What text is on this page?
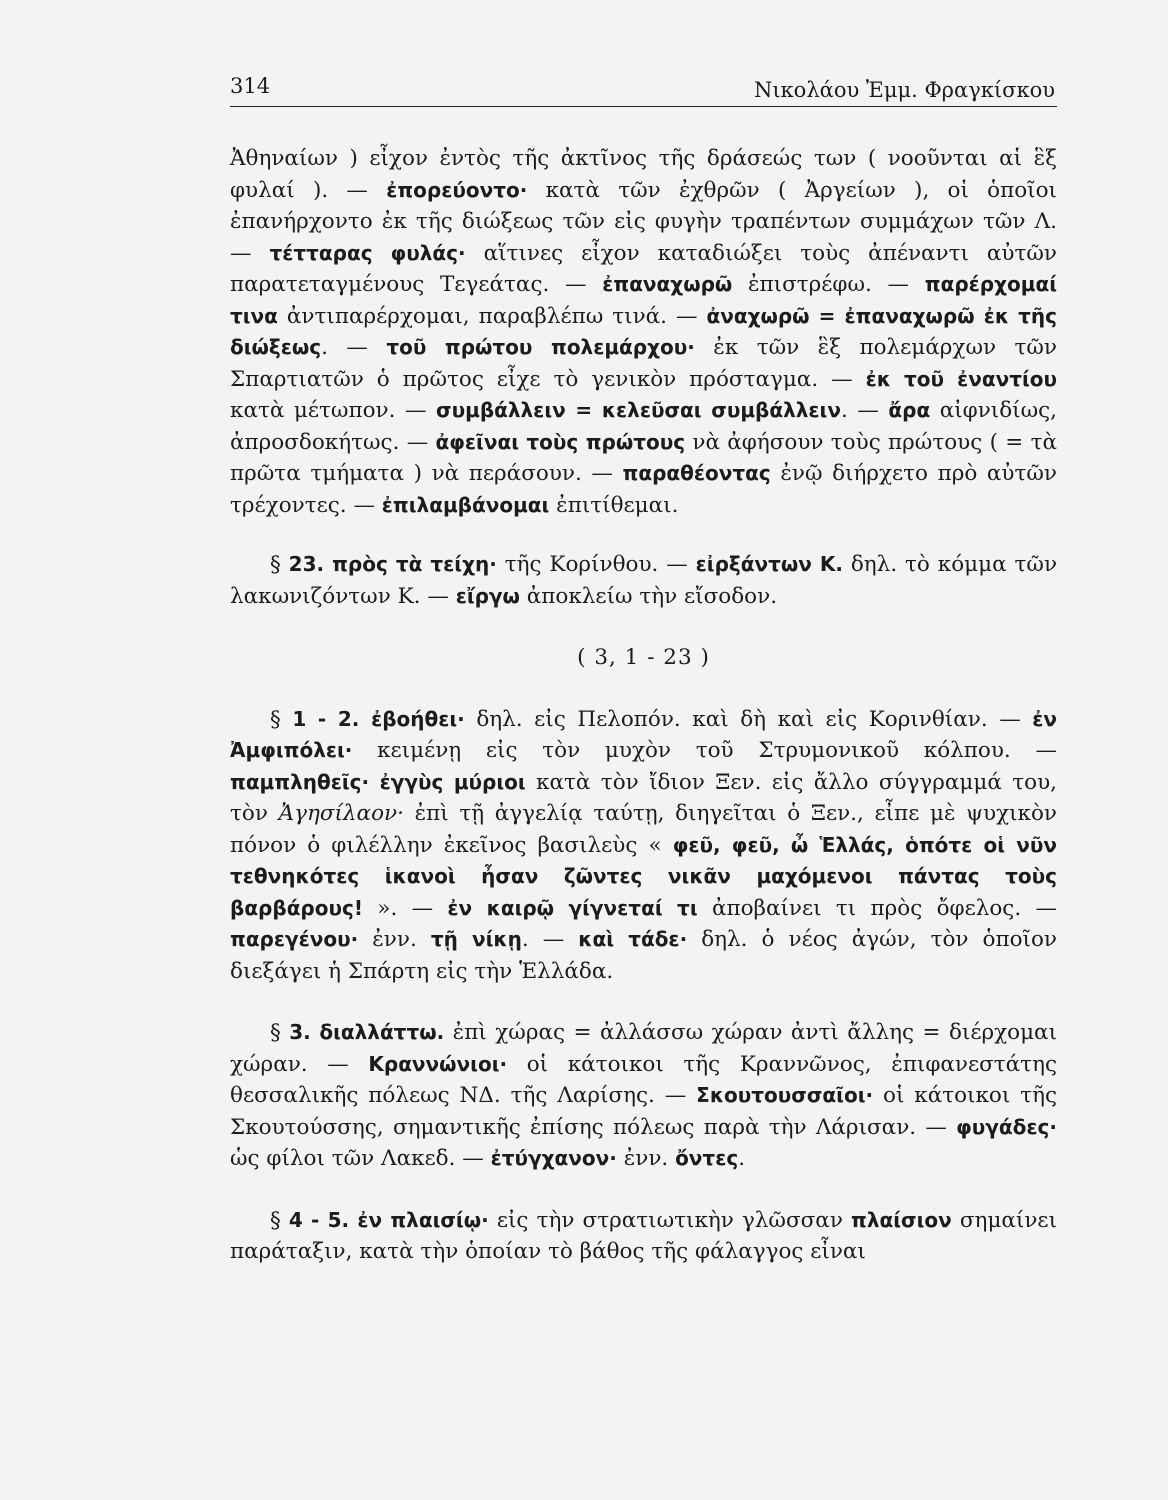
314	Νικολάου Ἐμμ. Φραγκίσκου

Ἀθηναίων ) εἶχον ἐντὸς τῆς ἀκτῖνος τῆς δράσεώς των ( νοοῦνται αἱ ἓξ φυλαί ). — ἐπορεύοντο· κατὰ τῶν ἐχθρῶν ( Ἀργείων ), οἱ ὁποῖοι ἐπανήρχοντο ἐκ τῆς διώξεως τῶν εἰς φυγὴν τραπέντων συμμάχων τῶν Λ. — τέτταρας φυλάς· αἵτινες εἶχον καταδιώξει τοὺς ἀπέναντι αὐτῶν παρατεταγμένους Τεγεάτας. — ἐπαναχωρῶ ἐπιστρέφω. — παρέρχομαί τινα ἀντιπαρέρχομαι, παραβλέπω τινά. — ἀναχωρῶ = ἐπαναχωρῶ ἐκ τῆς διώξεως. — τοῦ πρώτου πολεμάρχου· ἐκ τῶν ἓξ πολεμάρχων τῶν Σπαρτιατῶν ὁ πρῶτος εἶχε τὸ γενικὸν πρόσταγμα. — ἐκ τοῦ ἐναντίου κατὰ μέτωπον. — συμβάλλειν = κελεῦσαι συμβάλλειν. — ἄρα αἰφνιδίως, ἀπροσδοκήτως. — ἀφεῖναι τοὺς πρώτους νὰ ἀφήσουν τοὺς πρώτους ( = τὰ πρῶτα τμήματα ) νὰ περάσουν. — παραθέοντας ἐνῷ διήρχετο πρὸ αὐτῶν τρέχοντες. — ἐπιλαμβάνομαι ἐπιτίθεμαι.

§ 23. πρὸς τὰ τείχη· τῆς Κορίνθου. — εἰρξάντων Κ. δηλ. τὸ κόμμα τῶν λακωνιζόντων Κ. — εἴργω ἀποκλείω τὴν εἴσοδον.

( 3, 1 - 23 )

§ 1 - 2. ἐβοήθει· δηλ. εἰς Πελοπόν. καὶ δὴ καὶ εἰς Κορινθίαν. — ἐν Ἀμφιπόλει· κειμένῃ εἰς τὸν μυχὸν τοῦ Στρυμονικοῦ κόλπου. — παμπληθεῖς· ἐγγὺς μύριοι κατὰ τὸν ἴδιον Ξεν. εἰς ἄλλο σύγγραμμά του, τὸν Ἀγησίλαον· ἐπὶ τῇ ἀγγελίᾳ ταύτῃ, διηγεῖται ὁ Ξεν., εἶπε μὲ ψυχικὸν πόνον ὁ φιλέλλην ἐκεῖνος βασιλεὺς « φεῦ, φεῦ, ὦ Ἑλλάς, ὁπότε οἱ νῦν τεθνηκότες ἱκανοὶ ἦσαν ζῶντες νικᾶν μαχόμενοι πάντας τοὺς βαρβάρους! ». — ἐν καιρῷ γίγνεταί τι ἀποβαίνει τι πρὸς ὄφελος. — παρεγένου· ἐνν. τῇ νίκῃ. — καὶ τάδε· δηλ. ὁ νέος ἀγών, τὸν ὁποῖον διεξάγει ἡ Σπάρτη εἰς τὴν Ἑλλάδα.

§ 3. διαλλάττω. ἐπὶ χώρας = ἀλλάσσω χώραν ἀντὶ ἄλλης = διέρχομαι χώραν. — Κραννώνιοι· οἱ κάτοικοι τῆς Κραννῶνος, ἐπιφανεστάτης θεσσαλικῆς πόλεως ΝΔ. τῆς Λαρίσης. — Σκουτουσσαῖοι· οἱ κάτοικοι τῆς Σκουτούσσης, σημαντικῆς ἐπίσης πόλεως παρὰ τὴν Λάρισαν. — φυγάδες· ὡς φίλοι τῶν Λακεδ. — ἐτύγχανον· ἐνν. ὄντες.

§ 4 - 5. ἐν πλαισίῳ· εἰς τὴν στρατιωτικὴν γλῶσσαν πλαίσιον σημαίνει παράταξιν, κατὰ τὴν ὁποίαν τὸ βάθος τῆς φάλαγγος εἶναι
